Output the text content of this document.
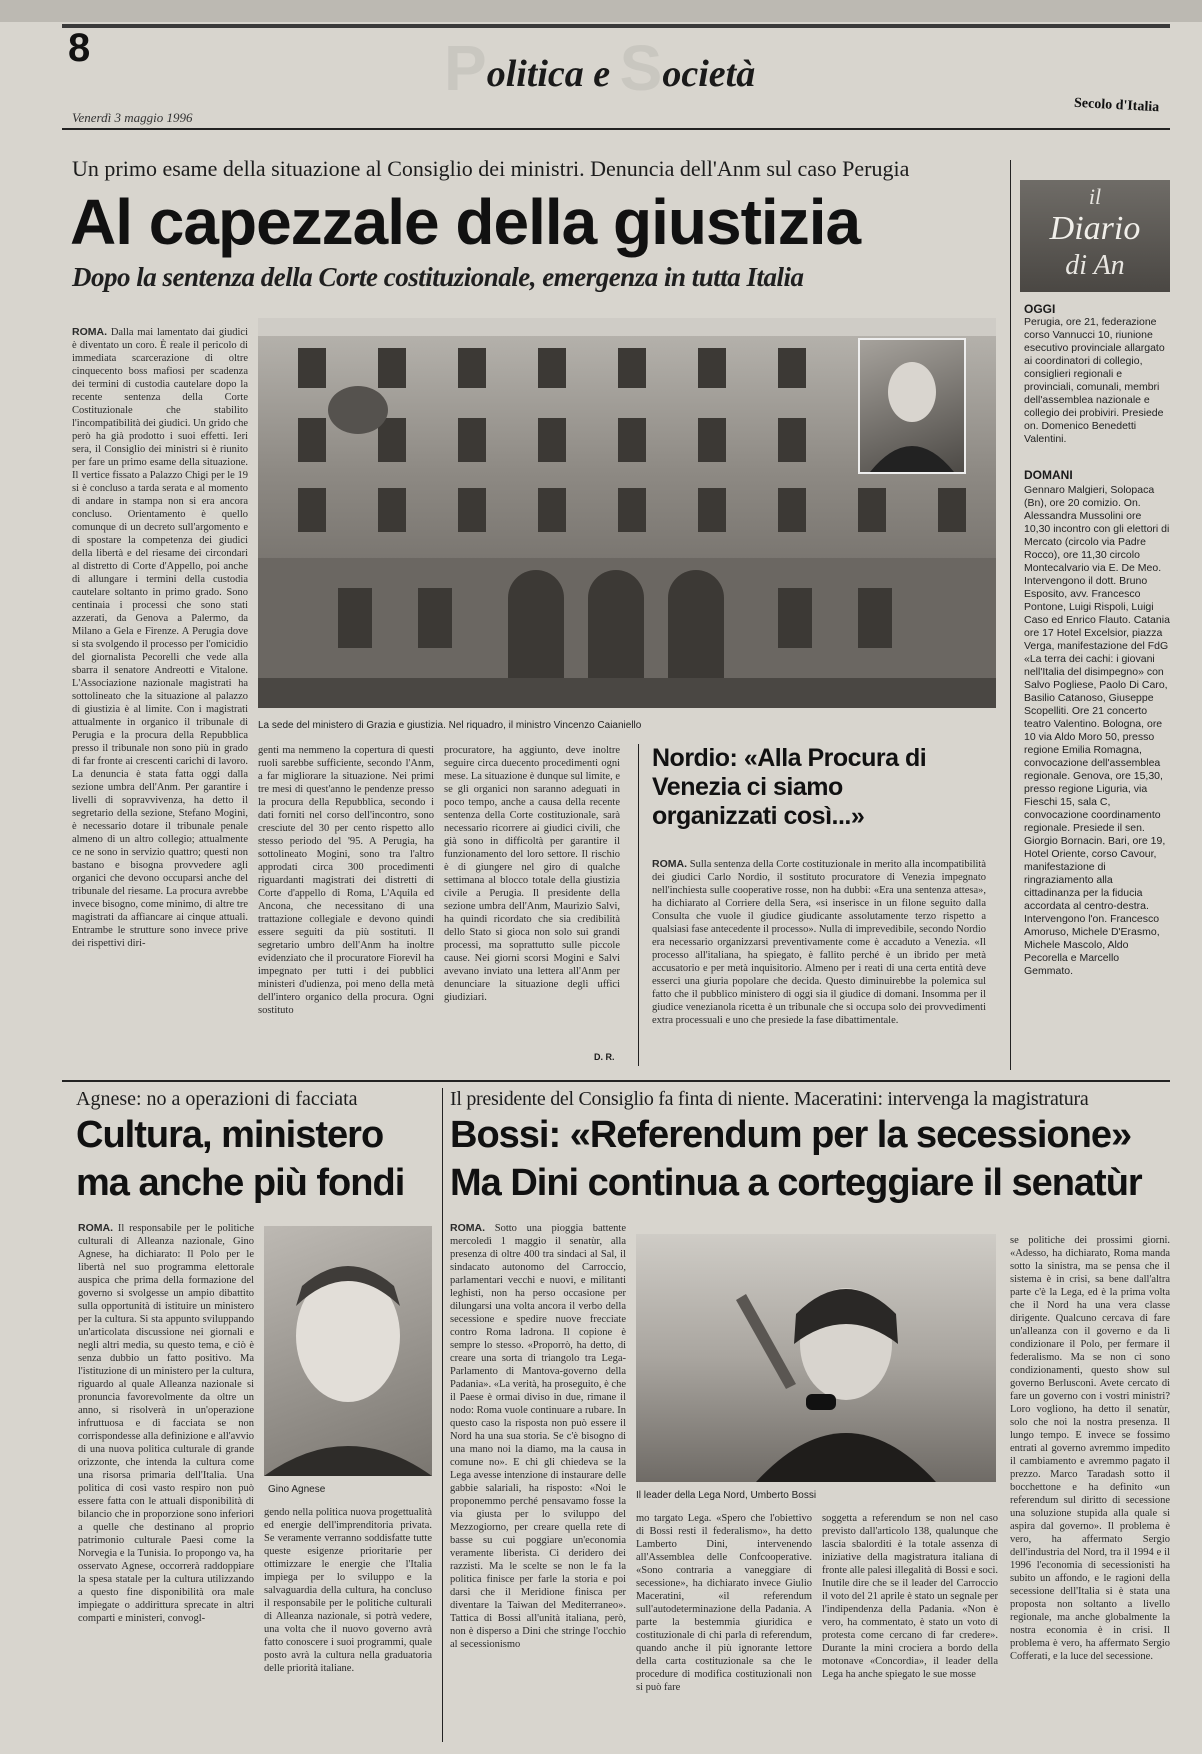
8	Politica e Società
Venerdì 3 maggio 1996
Secolo d'Italia
Un primo esame della situazione al Consiglio dei ministri. Denuncia dell'Anm sul caso Perugia
Al capezzale della giustizia
Dopo la sentenza della Corte costituzionale, emergenza in tutta Italia
ROMA. Dalla mai lamentato dai giudici è diventato un coro. È reale il pericolo di immediata scarcerazione di oltre cinquecento boss mafiosi per scadenza dei termini di custodia cautelare dopo la recente sentenza della Corte Costituzionale che stabilito l'incompatibilità dei giudici. Un grido che però ha già prodotto i suoi effetti. Ieri sera, il Consiglio dei ministri si è riunito per fare un primo esame della situazione. Il vertice fissato a Palazzo Chigi per le 19 si è concluso a tarda serata e al momento di andare in stampa non si era ancora concluso. Orientamento è quello comunque di un decreto sull'argomento e di spostare la competenza dei giudici della libertà e del riesame dei circondari al distretto di Corte d'Appello, poi anche di allungare i termini della custodia cautelare soltanto in primo grado. Sono centinaia i processi che sono stati azzerati, da Genova a Palermo, da Milano a Gela e Firenze. A Perugia dove si sta svolgendo il processo per l'omicidio del giornalista Pecorelli che vede alla sbarra il senatore Andreotti e Vitalone. L'Associazione nazionale magistrati ha sottolineato che la situazione al palazzo di giustizia è al limite. Con i magistrati attualmente in organico il tribunale di Perugia e la procura della Repubblica presso il tribunale non sono più in grado di far fronte ai crescenti carichi di lavoro. La denuncia è stata fatta oggi dalla sezione umbra dell'Anm. Per garantire i livelli di sopravvivenza, ha detto il segretario della sezione, Stefano Mogini, è necessario dotare il tribunale penale almeno di un altro collegio; attualmente ce ne sono in servizio quattro; questi non bastano e bisogna provvedere agli organici che devono occuparsi anche del tribunale del riesame. La procura avrebbe invece bisogno, come minimo, di altre tre magistrati da affiancare ai cinque attuali. Entrambe le strutture sono invece prive dei rispettivi diri-
La sede del ministero di Grazia e giustizia. Nel riquadro, il ministro Vincenzo Caianiello
genti ma nemmeno la copertura di questi ruoli sarebbe sufficiente, secondo l'Anm, a far migliorare la situazione. Nei primi tre mesi di quest'anno le pendenze presso la procura della Repubblica, secondo i dati forniti nel corso dell'incontro, sono cresciute del 30 per cento rispetto allo stesso periodo del '95. A Perugia, ha sottolineato Mogini, sono tra l'altro approdati circa 300 procedimenti riguardanti magistrati dei distretti di Corte d'appello di Roma, L'Aquila ed Ancona, che necessitano di una trattazione collegiale e devono quindi essere seguiti da più sostituti. Il segretario umbro dell'Anm ha inoltre evidenziato che il procuratore Fiorevil ha impegnato per tutti i dei pubblici ministeri d'udienza, poi meno della metà dell'intero organico della procura. Ogni sostituto
procuratore, ha aggiunto, deve inoltre seguire circa duecento procedimenti ogni mese. La situazione è dunque sul limite, e se gli organici non saranno adeguati in poco tempo, anche a causa della recente sentenza della Corte costituzionale, sarà necessario ricorrere ai giudici civili, che già sono in difficoltà per garantire il funzionamento del loro settore. Il rischio è di giungere nel giro di qualche settimana al blocco totale della giustizia civile a Perugia. Il presidente della sezione umbra dell'Anm, Maurizio Salvi, ha quindi ricordato che sia credibilità dello Stato si gioca non solo sui grandi processi, ma soprattutto sulle piccole cause. Nei giorni scorsi Mogini e Salvi avevano inviato una lettera all'Anm per denunciare la situazione degli uffici giudiziari.
D. R.
Nordio: «Alla Procura di Venezia ci siamo organizzati così...»
ROMA. Sulla sentenza della Corte costituzionale in merito alla incompatibilità dei giudici Carlo Nordio, il sostituto procuratore di Venezia impegnato nell'inchiesta sulle cooperative rosse, non ha dubbi: «Era una sentenza attesa», ha dichiarato al Corriere della Sera, «si inserisce in un filone seguito dalla Consulta che vuole il giudice giudicante assolutamente terzo rispetto a qualsiasi fase antecedente il processo». Nulla di imprevedibile, secondo Nordio era necessario organizzarsi preventivamente come è accaduto a Venezia. «Il processo all'italiana, ha spiegato, è fallito perché è un ibrido per metà accusatorio e per metà inquisitorio. Almeno per i reati di una certa entità deve esserci una giuria popolare che decida. Questo diminuirebbe la polemica sul fatto che il pubblico ministero di oggi sia il giudice di domani. Insomma per il giudice venezianola ricetta è un tribunale che si occupa solo dei provvedimenti extra processuali e uno che presiede la fase dibattimentale.
il
Diario
di An
OGGI
Perugia, ore 21, federazione corso Vannucci 10, riunione esecutivo provinciale allargato ai coordinatori di collegio, consiglieri regionali e provinciali, comunali, membri dell'assemblea nazionale e collegio dei probiviri. Presiede on. Domenico Benedetti Valentini.
DOMANI
Gennaro Malgieri, Solopaca (Bn), ore 20 comizio. On. Alessandra Mussolini ore 10,30 incontro con gli elettori di Mercato (circolo via Padre Rocco), ore 11,30 circolo Montecalvario via E. De Meo. Intervengono il dott. Bruno Esposito, avv. Francesco Pontone, Luigi Rispoli, Luigi Caso ed Enrico Flauto. Catania ore 17 Hotel Excelsior, piazza Verga, manifestazione del FdG «La terra dei cachi: i giovani nell'Italia del disimpegno» con Salvo Pogliese, Paolo Di Caro, Basilio Catanoso, Giuseppe Scopelliti. Ore 21 concerto teatro Valentino. Bologna, ore 10 via Aldo Moro 50, presso regione Emilia Romagna, convocazione dell'assemblea regionale. Genova, ore 15,30, presso regione Liguria, via Fieschi 15, sala C, convocazione coordinamento regionale. Presiede il sen. Giorgio Bornacin. Bari, ore 19, Hotel Oriente, corso Cavour, manifestazione di ringraziamento alla cittadinanza per la fiducia accordata al centro-destra. Intervengono l'on. Francesco Amoruso, Michele D'Erasmo, Michele Mascolo, Aldo Pecorella e Marcello Gemmato.
Agnese: no a operazioni di facciata
Cultura, ministero
ma anche più fondi
ROMA. Il responsabile per le politiche culturali di Alleanza nazionale, Gino Agnese, ha dichiarato: Il Polo per le libertà nel suo programma elettorale auspica che prima della formazione del governo si svolgesse un ampio dibattito sulla opportunità di istituire un ministero per la cultura. Si sta appunto sviluppando un'articolata discussione nei giornali e negli altri media, su questo tema, e ciò è senza dubbio un fatto positivo. Ma l'istituzione di un ministero per la cultura, riguardo al quale Alleanza nazionale si pronuncia favorevolmente da oltre un anno, si risolverà in un'operazione infruttuosa e di facciata se non corrispondesse alla definizione e all'avvio di una nuova politica culturale di grande orizzonte, che intenda la cultura come una risorsa primaria dell'Italia. Una politica di così vasto respiro non può essere fatta con le attuali disponibilità di bilancio che in proporzione sono inferiori a quelle che destinano al proprio patrimonio culturale Paesi come la Norvegia e la Tunisia. Io propongo va, ha osservato Agnese, occorrerà raddoppiare la spesa statale per la cultura utilizzando a questo fine disponibilità ora male impiegate o addirittura sprecate in altri comparti e ministeri, convogl-
Gino Agnese
gendo nella politica nuova progettualità ed energie dell'imprenditoria privata. Se veramente verranno soddisfatte tutte queste esigenze prioritarie per ottimizzare le energie che l'Italia impiega per lo sviluppo e la salvaguardia della cultura, ha concluso il responsabile per le politiche culturali di Alleanza nazionale, si potrà vedere, una volta che il nuovo governo avrà fatto conoscere i suoi programmi, quale posto avrà la cultura nella graduatoria delle priorità italiane.
Il presidente del Consiglio fa finta di niente. Maceratini: intervenga la magistratura
Bossi: «Referendum per la secessione»
Ma Dini continua a corteggiare il senatùr
ROMA. Sotto una pioggia battente mercoledì 1 maggio il senatùr, alla presenza di oltre 400 tra sindaci al Sal, il sindacato autonomo del Carroccio, parlamentari vecchi e nuovi, e militanti leghisti, non ha perso occasione per dilungarsi una volta ancora il verbo della secessione e spedire nuove frecciate contro Roma ladrona. Il copione è sempre lo stesso. «Proporrò, ha detto, di creare una sorta di triangolo tra Lega-Parlamento di Mantova-governo della Padania». «La verità, ha proseguito, è che il Paese è ormai diviso in due, rimane il nodo: Roma vuole continuare a rubare. In questo caso la risposta non può essere il Nord ha una sua storia. Se c'è bisogno di una mano noi la diamo, ma la causa in comune no». E chi gli chiedeva se la Lega avesse intenzione di instaurare delle gabbie salariali, ha risposto: «Noi le proponemmo perché pensavamo fosse la via giusta per lo sviluppo del Mezzogiorno, per creare quella rete di basse su cui poggiare un'economia veramente liberista. Ci deridero dei razzisti. Ma le scelte se non le fa la politica finisce per farle la storia e poi darsi che il Meridione finisca per diventare la Taiwan del Mediterraneo». Tattica di Bossi all'unità italiana, però, non è disperso a Dini che stringe l'occhio al secessionismo
Il leader della Lega Nord, Umberto Bossi
mo targato Lega. «Spero che l'obiettivo di Bossi resti il federalismo», ha detto Lamberto Dini, intervenendo all'Assemblea delle Confcooperative. «Sono contraria a vaneggiare di secessione», ha dichiarato invece Giulio Maceratini, «il referendum sull'autodeterminazione della Padania. A parte la bestemmia giuridica e costituzionale di chi parla di referendum, quando anche il più ignorante lettore della carta costituzionale sa che le procedure di modifica costituzionali non si può fare
soggetta a referendum se non nel caso previsto dall'articolo 138, qualunque che lascia sbalorditi è la totale assenza di iniziative della magistratura italiana di fronte alle palesi illegalità di Bossi e soci. Inutile dire che se il leader del Carroccio il voto del 21 aprile è stato un segnale per l'indipendenza della Padania. «Non è vero, ha commentato, è stato un voto di protesta come cercano di far credere». Durante la mini crociera a bordo della motonave «Concordia», il leader della Lega ha anche spiegato le sue mosse
se politiche dei prossimi giorni. «Adesso, ha dichiarato, Roma manda sotto la sinistra, ma se pensa che il sistema è in crisi, sa bene dall'altra parte c'è la Lega, ed è la prima volta che il Nord ha una vera classe dirigente. Qualcuno cercava di fare un'alleanza con il governo e da lì condizionare il Polo, per fermare il federalismo. Ma se non ci sono condizionamenti, questo show sul governo Berlusconi. Avete cercato di fare un governo con i vostri ministri? Loro vogliono, ha detto il senatùr, solo che noi la nostra presenza. Il lungo tempo. E invece se fossimo entrati al governo avremmo impedito il cambiamento e avremmo pagato il prezzo. Marco Taradash sotto il bocchettone e ha definito «un referendum sul diritto di secessione una soluzione stupida alla quale si aspira dal governo». Il problema è vero, ha affermato Sergio dell'industria del Nord, tra il 1994 e il 1996 l'economia di secessionisti ha subito un affondo, e le ragioni della secessione dell'Italia si è stata una proposta non soltanto a livello regionale, ma anche globalmente la nostra economia è in crisi. Il problema è vero, ha affermato Sergio Cofferati, e la luce del secessione.
